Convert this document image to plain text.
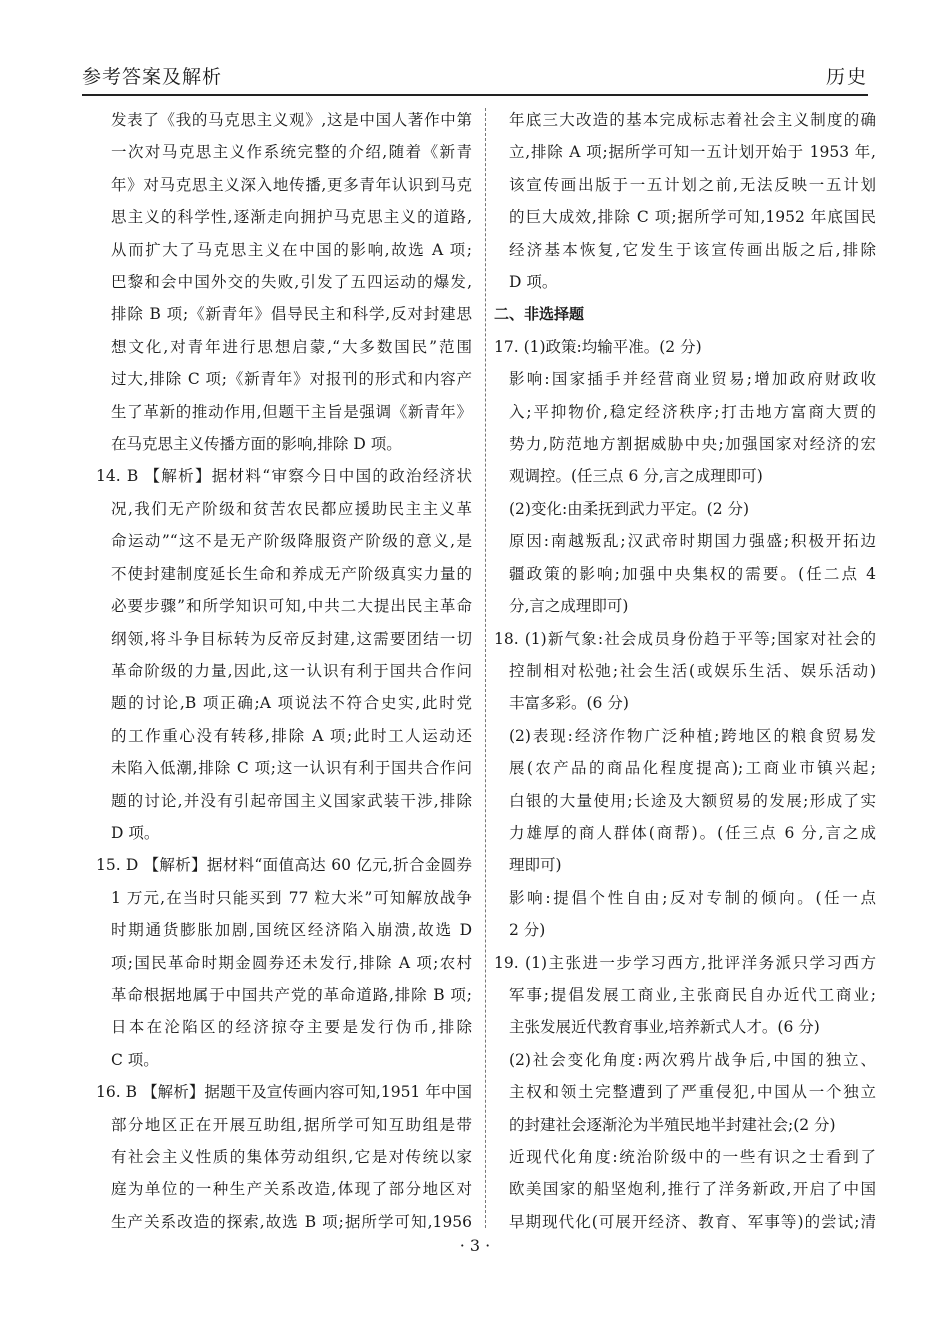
参考答案及解析	历史
发表了《我的马克思主义观》,这是中国人著作中第
一次对马克思主义作系统完整的介绍,随着《新青
年》对马克思主义深入地传播,更多青年认识到马克
思主义的科学性,逐渐走向拥护马克思主义的道路,
从而扩大了马克思主义在中国的影响,故选 A 项;
巴黎和会中国外交的失败,引发了五四运动的爆发,
排除 B 项;《新青年》倡导民主和科学,反对封建思
想文化,对青年进行思想启蒙,“大多数国民”范围
过大,排除 C 项;《新青年》对报刊的形式和内容产
生了革新的推动作用,但题干主旨是强调《新青年》
在马克思主义传播方面的影响,排除 D 项。
14. B 【解析】据材料“审察今日中国的政治经济状
况,我们无产阶级和贫苦农民都应援助民主主义革
命运动”“这不是无产阶级降服资产阶级的意义,是
不使封建制度延长生命和养成无产阶级真实力量的
必要步骤”和所学知识可知,中共二大提出民主革命
纲领,将斗争目标转为反帝反封建,这需要团结一切
革命阶级的力量,因此,这一认识有利于国共合作问
题的讨论,B 项正确;A 项说法不符合史实,此时党
的工作重心没有转移,排除 A 项;此时工人运动还
未陷入低潮,排除 C 项;这一认识有利于国共合作问
题的讨论,并没有引起帝国主义国家武装干涉,排除
D 项。
15. D 【解析】据材料“面值高达 60 亿元,折合金圆券
1 万元,在当时只能买到 77 粒大米”可知解放战争
时期通货膨胀加剧,国统区经济陷入崩溃,故选 D
项;国民革命时期金圆券还未发行,排除 A 项;农村
革命根据地属于中国共产党的革命道路,排除 B 项;
日本在沦陷区的经济掠夺主要是发行伪币,排除
C 项。
16. B 【解析】据题干及宣传画内容可知,1951 年中国
部分地区正在开展互助组,据所学可知互助组是带
有社会主义性质的集体劳动组织,它是对传统以家
庭为单位的一种生产关系改造,体现了部分地区对
生产关系改造的探索,故选 B 项;据所学可知,1956
年底三大改造的基本完成标志着社会主义制度的确
立,排除 A 项;据所学可知一五计划开始于 1953 年,
该宣传画出版于一五计划之前,无法反映一五计划
的巨大成效,排除 C 项;据所学可知,1952 年底国民
经济基本恢复,它发生于该宣传画出版之后,排除
D 项。
二、非选择题
17. (1)政策:均输平准。(2 分)
影响:国家插手并经营商业贸易;增加政府财政收
入;平抑物价,稳定经济秩序;打击地方富商大贾的
势力,防范地方割据威胁中央;加强国家对经济的宏
观调控。(任三点 6 分,言之成理即可)
(2)变化:由柔抚到武力平定。(2 分)
原因:南越叛乱;汉武帝时期国力强盛;积极开拓边
疆政策的影响;加强中央集权的需要。(任二点 4
分,言之成理即可)
18. (1)新气象:社会成员身份趋于平等;国家对社会的
控制相对松弛;社会生活(或娱乐生活、娱乐活动)
丰富多彩。(6 分)
(2)表现:经济作物广泛种植;跨地区的粮食贸易发
展(农产品的商品化程度提高);工商业市镇兴起;
白银的大量使用;长途及大额贸易的发展;形成了实
力雄厚的商人群体(商帮)。(任三点 6 分,言之成
理即可)
影响:提倡个性自由;反对专制的倾向。(任一点
2 分)
19. (1)主张进一步学习西方,批评洋务派只学习西方
军事;提倡发展工商业,主张商民自办近代工商业;
主张发展近代教育事业,培养新式人才。(6 分)
(2)社会变化角度:两次鸦片战争后,中国的独立、
主权和领土完整遭到了严重侵犯,中国从一个独立
的封建社会逐渐沦为半殖民地半封建社会;(2 分)
近现代化角度:统治阶级中的一些有识之士看到了
欧美国家的船坚炮利,推行了洋务新政,开启了中国
早期现代化(可展开经济、教育、军事等)的尝试;清
· 3 ·
